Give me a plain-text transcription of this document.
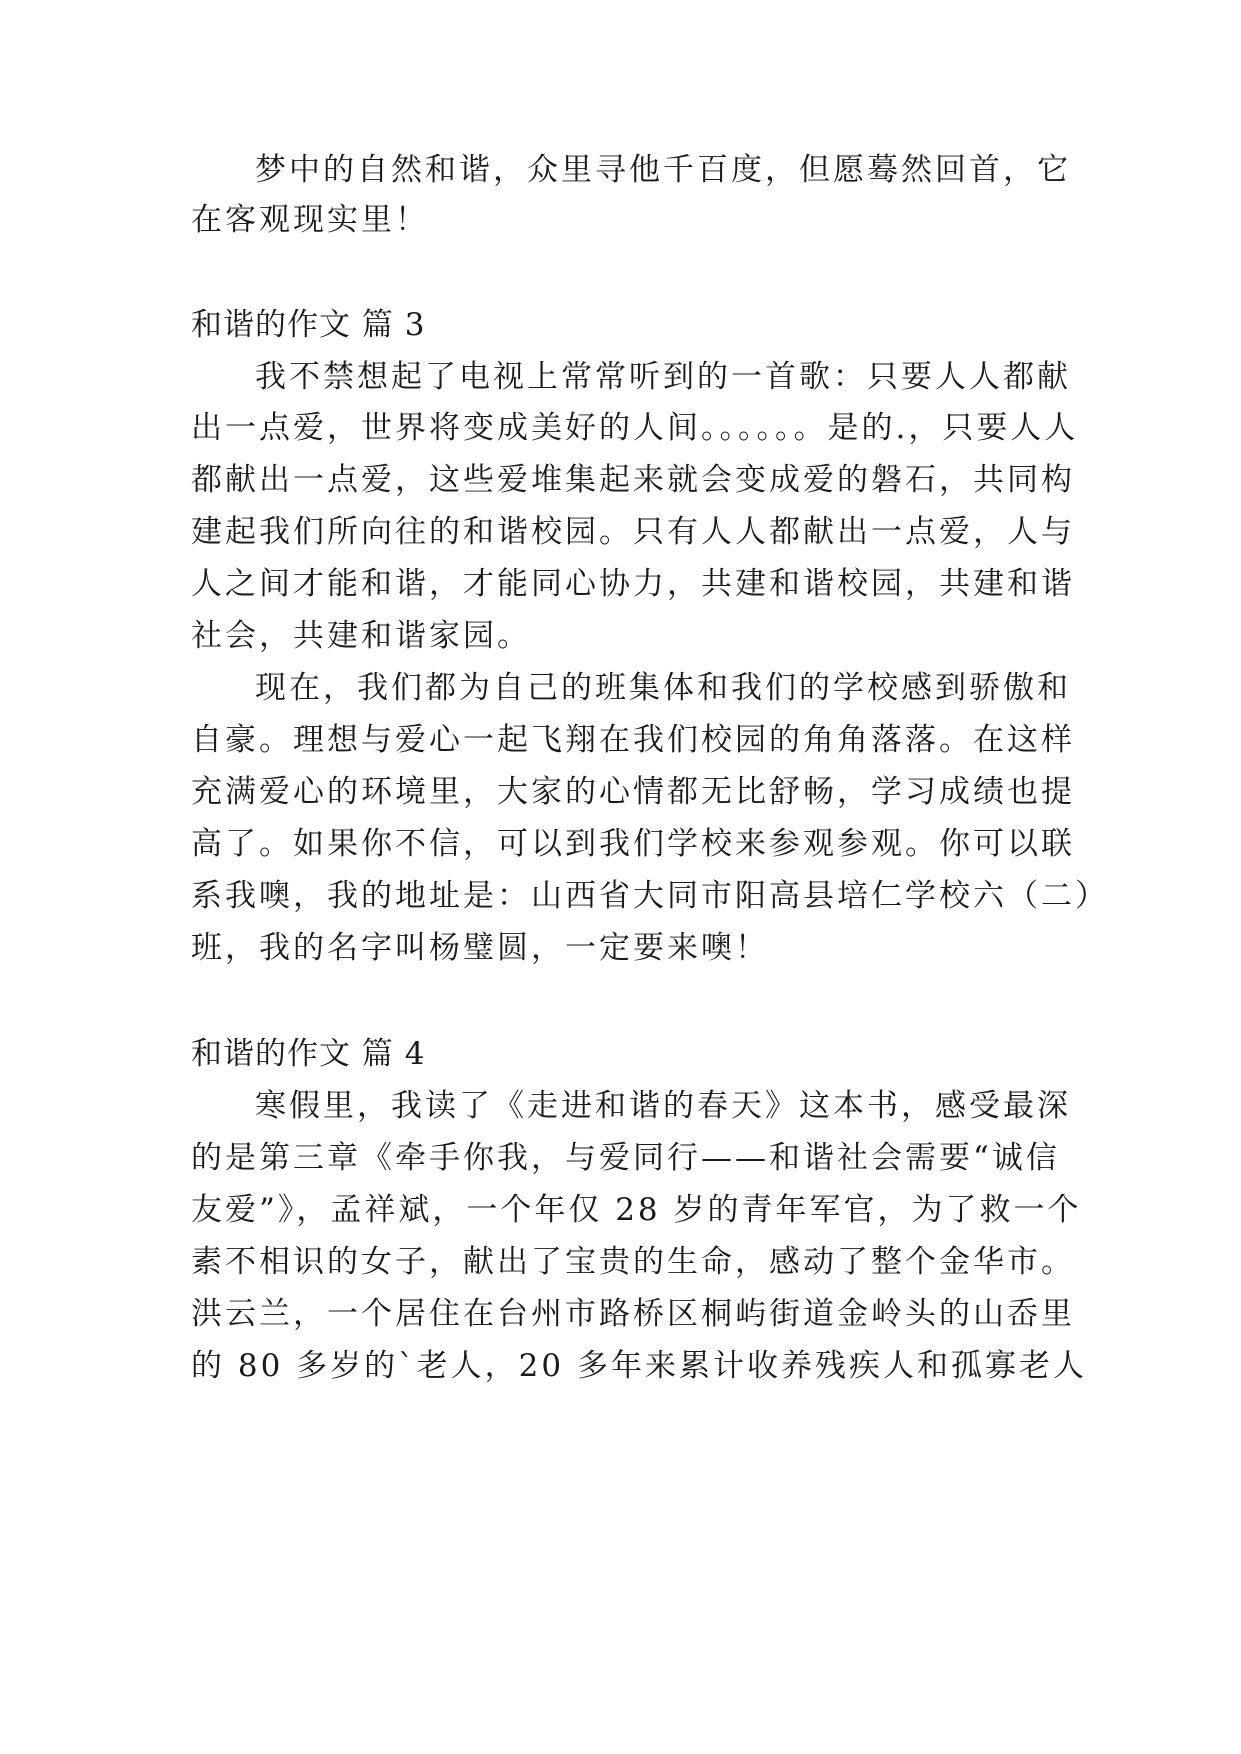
梦中的自然和谐，众里寻他千百度，但愿蓦然回首，它
在客观现实里！
和谐的作文 篇 3
我不禁想起了电视上常常听到的一首歌：只要人人都献
出一点爱，世界将变成美好的人间。。。。。。是的.，只要人人
都献出一点爱，这些爱堆集起来就会变成爱的磐石，共同构
建起我们所向往的和谐校园。只有人人都献出一点爱，人与
人之间才能和谐，才能同心协力，共建和谐校园，共建和谐
社会，共建和谐家园。
现在，我们都为自己的班集体和我们的学校感到骄傲和
自豪。理想与爱心一起飞翔在我们校园的角角落落。在这样
充满爱心的环境里，大家的心情都无比舒畅，学习成绩也提
高了。如果你不信，可以到我们学校来参观参观。你可以联
系我噢，我的地址是：山西省大同市阳高县培仁学校六（二）
班，我的名字叫杨璧圆，一定要来噢！
和谐的作文 篇 4
寒假里，我读了《走进和谐的春天》这本书，感受最深
的是第三章《牵手你我，与爱同行——和谐社会需要“诚信
友爱”》，孟祥斌，一个年仅 28 岁的青年军官，为了救一个
素不相识的女子，献出了宝贵的生命，感动了整个金华市。
洪云兰，一个居住在台州市路桥区桐屿街道金岭头的山岙里
的 80 多岁的`老人，20 多年来累计收养残疾人和孤寡老人
